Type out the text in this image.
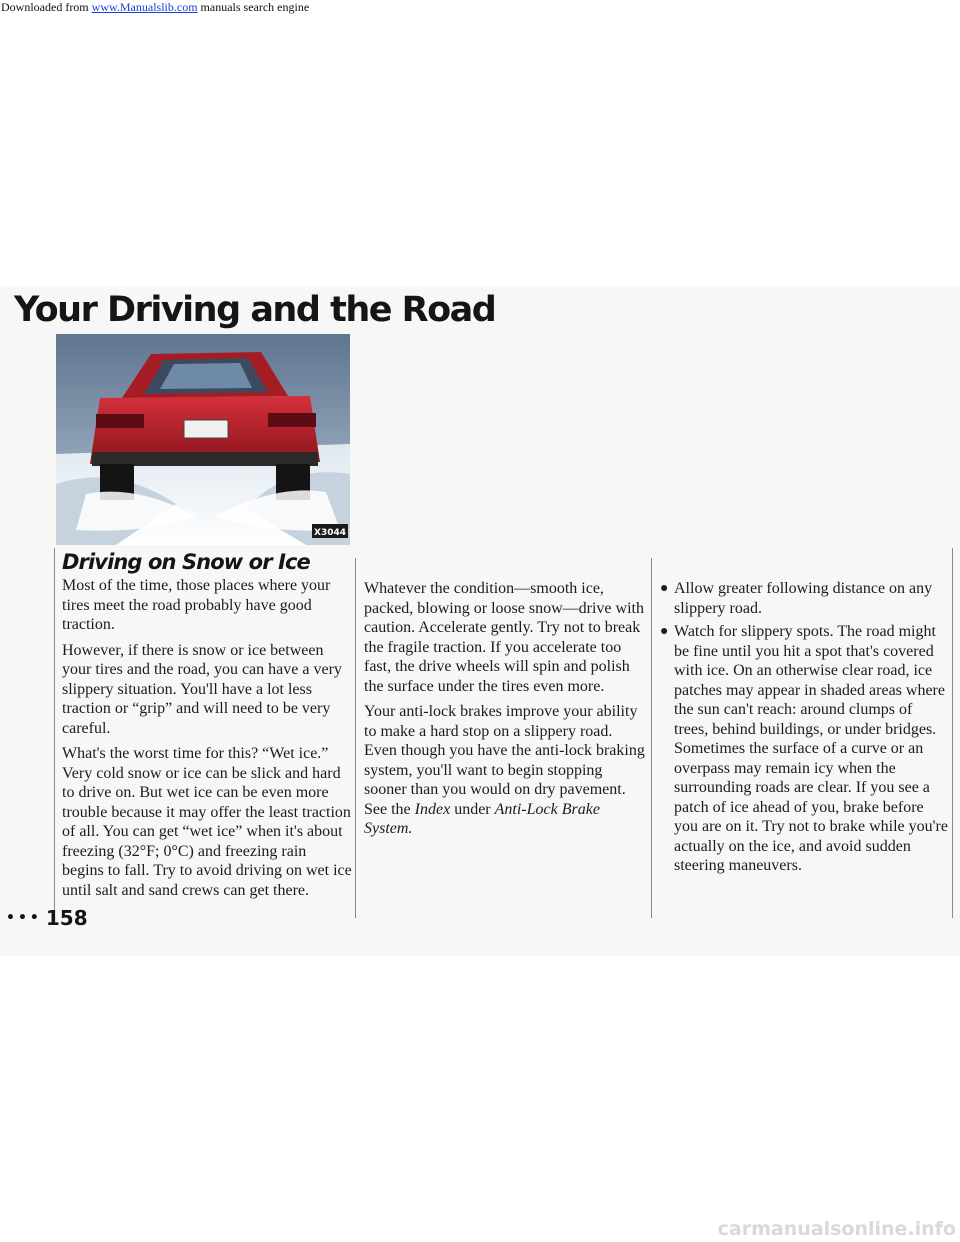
Downloaded from www.Manualslib.com manuals search engine
Your Driving and the Road
X3044
Driving on Snow or Ice

Most of the time, those places where your tires meet the road probably have good traction.

However, if there is snow or ice between your tires and the road, you can have a very slippery situation. You'll have a lot less traction or “grip” and will need to be very careful.

What's the worst time for this? “Wet ice.” Very cold snow or ice can be slick and hard to drive on. But wet ice can be even more trouble because it may offer the least traction of all. You can get “wet ice” when it's about freezing (32°F; 0°C) and freezing rain begins to fall. Try to avoid driving on wet ice until salt and sand crews can get there.

Whatever the condition—smooth ice, packed, blowing or loose snow—drive with caution. Accelerate gently. Try not to break the fragile traction. If you accelerate too fast, the drive wheels will spin and polish the surface under the tires even more.

Your anti-lock brakes improve your ability to make a hard stop on a slippery road. Even though you have the anti-lock braking system, you'll want to begin stopping sooner than you would on dry pavement. See the Index under Anti-Lock Brake System.

● Allow greater following distance on any slippery road.
● Watch for slippery spots. The road might be fine until you hit a spot that's covered with ice. On an otherwise clear road, ice patches may appear in shaded areas where the sun can't reach: around clumps of trees, behind buildings, or under bridges. Sometimes the surface of a curve or an overpass may remain icy when the surrounding roads are clear. If you see a patch of ice ahead of you, brake before you are on it. Try not to brake while you're actually on the ice, and avoid sudden steering maneuvers.
••• 158
carmanualsonline.info
